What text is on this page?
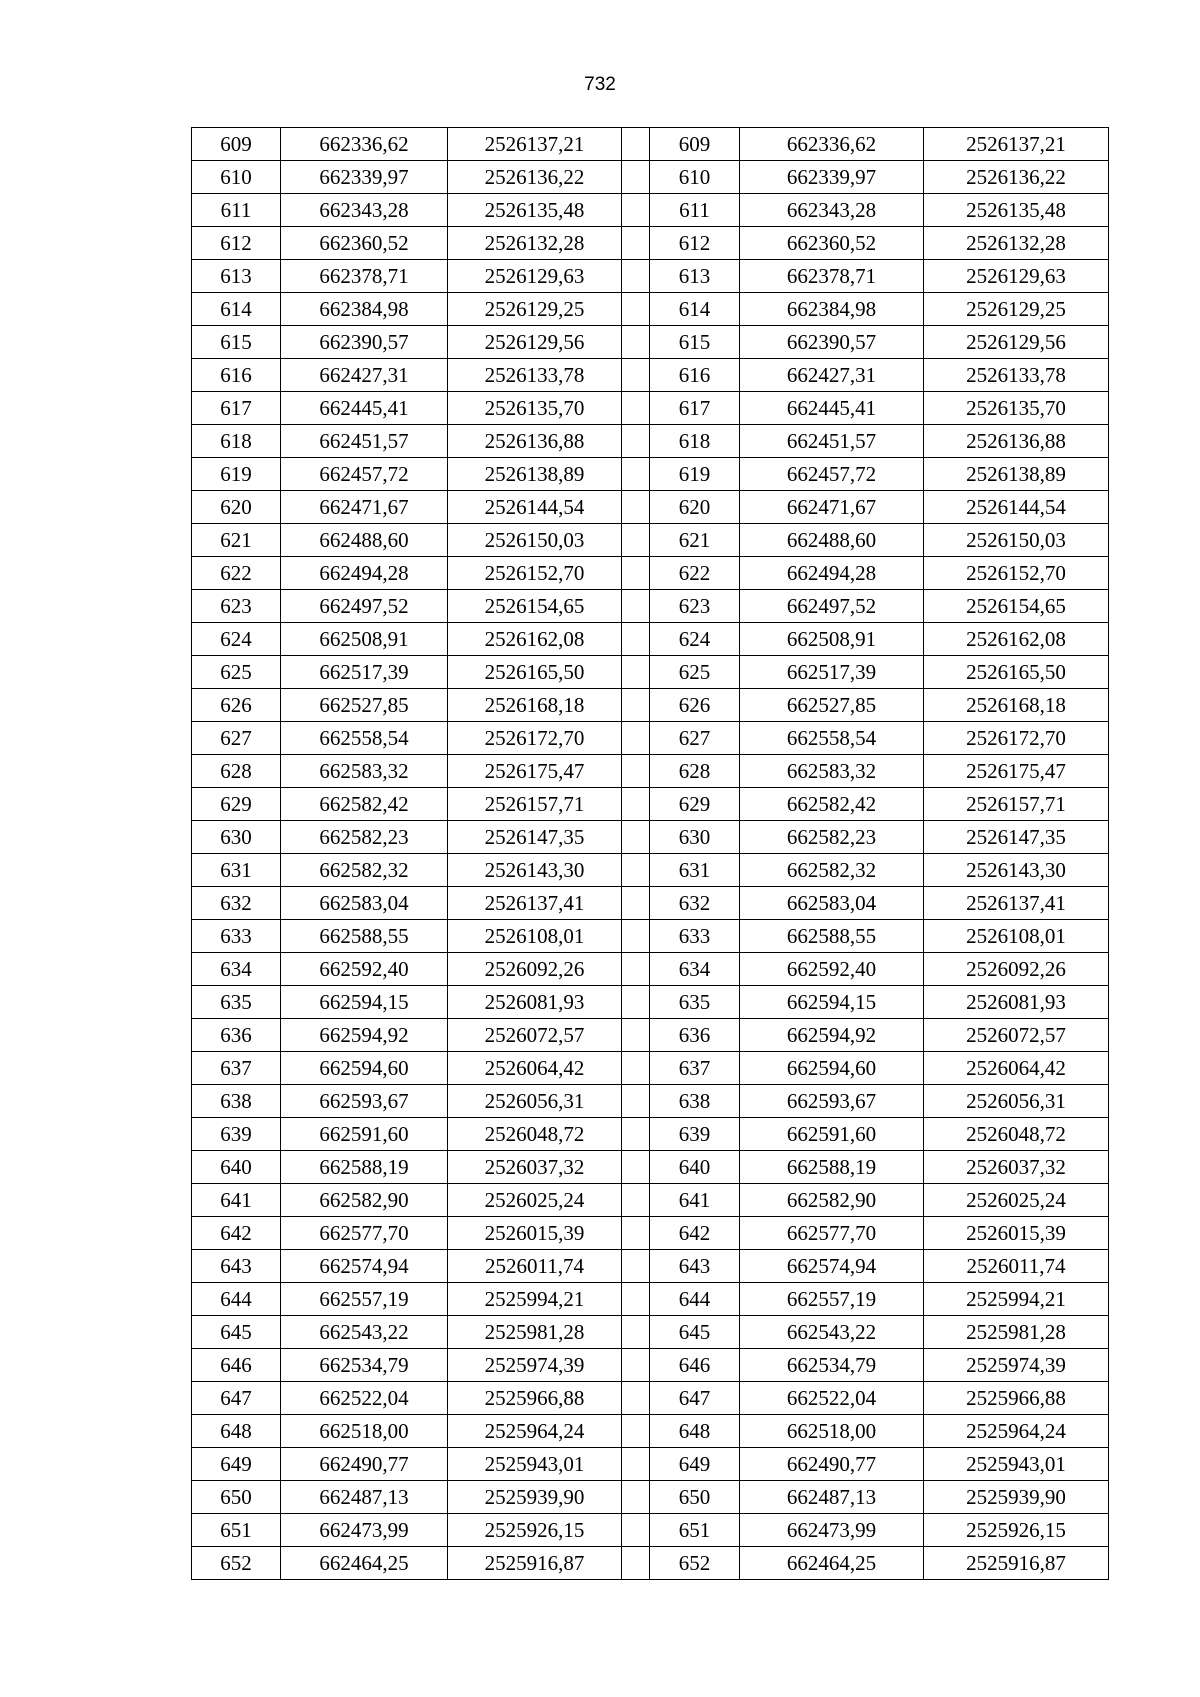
732
609	662336,62	2526137,21		609	662336,62	2526137,21
610	662339,97	2526136,22		610	662339,97	2526136,22
611	662343,28	2526135,48		611	662343,28	2526135,48
612	662360,52	2526132,28		612	662360,52	2526132,28
613	662378,71	2526129,63		613	662378,71	2526129,63
614	662384,98	2526129,25		614	662384,98	2526129,25
615	662390,57	2526129,56		615	662390,57	2526129,56
616	662427,31	2526133,78		616	662427,31	2526133,78
617	662445,41	2526135,70		617	662445,41	2526135,70
618	662451,57	2526136,88		618	662451,57	2526136,88
619	662457,72	2526138,89		619	662457,72	2526138,89
620	662471,67	2526144,54		620	662471,67	2526144,54
621	662488,60	2526150,03		621	662488,60	2526150,03
622	662494,28	2526152,70		622	662494,28	2526152,70
623	662497,52	2526154,65		623	662497,52	2526154,65
624	662508,91	2526162,08		624	662508,91	2526162,08
625	662517,39	2526165,50		625	662517,39	2526165,50
626	662527,85	2526168,18		626	662527,85	2526168,18
627	662558,54	2526172,70		627	662558,54	2526172,70
628	662583,32	2526175,47		628	662583,32	2526175,47
629	662582,42	2526157,71		629	662582,42	2526157,71
630	662582,23	2526147,35		630	662582,23	2526147,35
631	662582,32	2526143,30		631	662582,32	2526143,30
632	662583,04	2526137,41		632	662583,04	2526137,41
633	662588,55	2526108,01		633	662588,55	2526108,01
634	662592,40	2526092,26		634	662592,40	2526092,26
635	662594,15	2526081,93		635	662594,15	2526081,93
636	662594,92	2526072,57		636	662594,92	2526072,57
637	662594,60	2526064,42		637	662594,60	2526064,42
638	662593,67	2526056,31		638	662593,67	2526056,31
639	662591,60	2526048,72		639	662591,60	2526048,72
640	662588,19	2526037,32		640	662588,19	2526037,32
641	662582,90	2526025,24		641	662582,90	2526025,24
642	662577,70	2526015,39		642	662577,70	2526015,39
643	662574,94	2526011,74		643	662574,94	2526011,74
644	662557,19	2525994,21		644	662557,19	2525994,21
645	662543,22	2525981,28		645	662543,22	2525981,28
646	662534,79	2525974,39		646	662534,79	2525974,39
647	662522,04	2525966,88		647	662522,04	2525966,88
648	662518,00	2525964,24		648	662518,00	2525964,24
649	662490,77	2525943,01		649	662490,77	2525943,01
650	662487,13	2525939,90		650	662487,13	2525939,90
651	662473,99	2525926,15		651	662473,99	2525926,15
652	662464,25	2525916,87		652	662464,25	2525916,87
